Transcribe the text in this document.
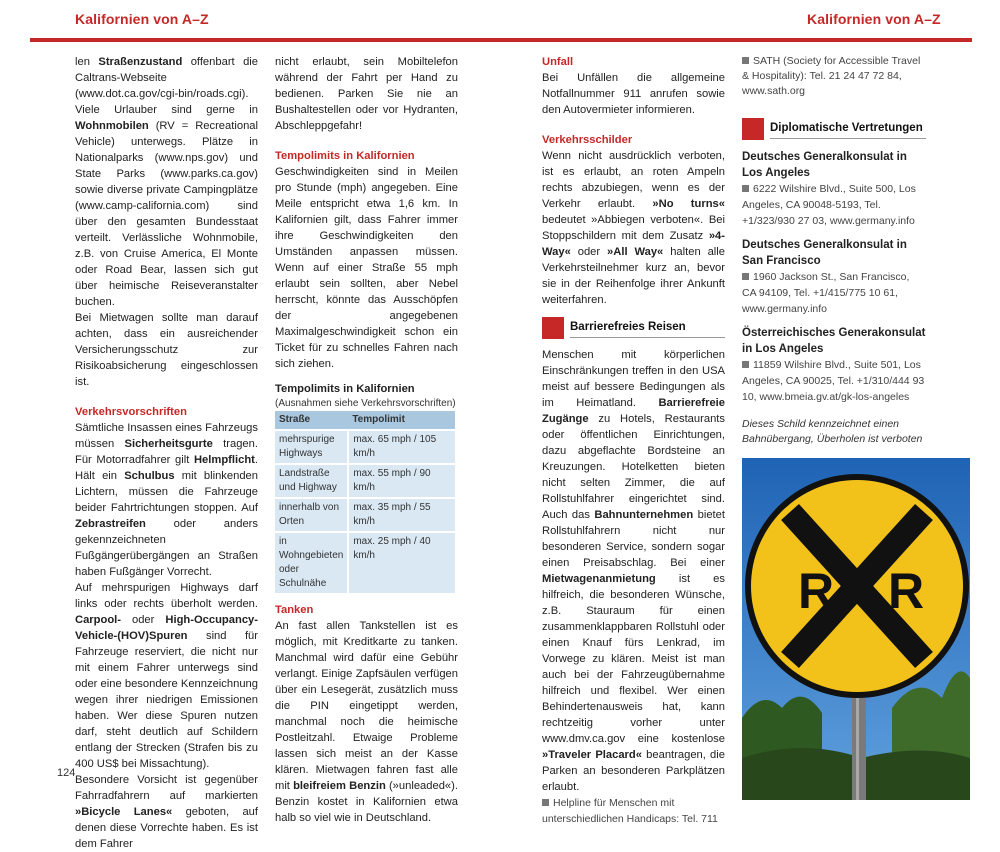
Kalifornien von A–Z	Kalifornien von A–Z

len Straßenzustand offenbart die Caltrans-Webseite (www.dot.ca.gov/cgi-bin/roads.cgi).

Viele Urlauber sind gerne in Wohnmobilen (RV = Recreational Vehicle) unterwegs. Plätze in Nationalparks (www.nps.gov) und State Parks (www.parks.ca.gov) sowie diverse private Campingplätze (www.camp-california.com) sind über den gesamten Bundesstaat verteilt. Verlässliche Wohnmobile, z.B. von Cruise America, El Monte oder Road Bear, lassen sich gut über heimische Reiseveranstalter buchen.

Bei Mietwagen sollte man darauf achten, dass ein ausreichender Versicherungsschutz zur Risikoabsicherung eingeschlossen ist.

Verkehrsvorschriften

Sämtliche Insassen eines Fahrzeugs müssen Sicherheitsgurte tragen. Für Motorradfahrer gilt Helmpflicht. Hält ein Schulbus mit blinkenden Lichtern, müssen die Fahrzeuge beider Fahrtrichtungen stoppen. Auf Zebrastreifen oder anders gekennzeichneten Fußgängerübergängen an Straßen haben Fußgänger Vorrecht.

Auf mehrspurigen Highways darf links oder rechts überholt werden. Carpool- oder High-Occupancy-Vehicle-(HOV)Spuren sind für Fahrzeuge reserviert, die nicht nur mit einem Fahrer unterwegs sind oder eine besondere Kennzeichnung wegen ihrer niedrigen Emissionen haben. Wer diese Spuren nutzen darf, steht deutlich auf Schildern entlang der Strecken (Strafen bis zu 400 US$ bei Missachtung).

Besondere Vorsicht ist gegenüber Fahrradfahrern auf markierten »Bicycle Lanes« geboten, auf denen diese Vorrechte haben. Es ist dem Fahrer

nicht erlaubt, sein Mobiltelefon während der Fahrt per Hand zu bedienen. Parken Sie nie an Bushaltestellen oder vor Hydranten, Abschleppgefahr!

Tempolimits in Kalifornien

Geschwindigkeiten sind in Meilen pro Stunde (mph) angegeben. Eine Meile entspricht etwa 1,6 km. In Kalifornien gilt, dass Fahrer immer ihre Geschwindigkeiten den Umständen anpassen müssen. Wenn auf einer Straße 55 mph erlaubt sein sollten, aber Nebel herrscht, könnte das Ausschöpfen der angegebenen Maximalgeschwindigkeit schon ein Ticket für zu schnelles Fahren nach sich ziehen.

Tempolimits in Kalifornien

(Ausnahmen siehe Verkehrsvorschriften)

Straße	Tempolimit
mehrspurige Highways	max. 65 mph / 105 km/h
Landstraße und Highway	max. 55 mph / 90 km/h
innerhalb von Orten	max. 35 mph / 55 km/h
in Wohngebieten oder Schulnähe	max. 25 mph / 40 km/h

Tanken

An fast allen Tankstellen ist es möglich, mit Kreditkarte zu tanken. Manchmal wird dafür eine Gebühr verlangt. Einige Zapfsäulen verfügen über ein Lesegerät, zusätzlich muss die PIN eingetippt werden, manchmal noch die heimische Postleitzahl. Etwaige Probleme lassen sich meist an der Kasse klären. Mietwagen fahren fast alle mit bleifreiem Benzin (»unleaded«). Benzin kostet in Kalifornien etwa halb so viel wie in Deutschland.

Unfall

Bei Unfällen die allgemeine Notfallnummer 911 anrufen sowie den Autovermieter informieren.

Verkehrsschilder

Wenn nicht ausdrücklich verboten, ist es erlaubt, an roten Ampeln rechts abzubiegen, wenn es der Verkehr erlaubt. »No turns« bedeutet »Abbiegen verboten«. Bei Stoppschildern mit dem Zusatz »4-Way« oder »All Way« halten alle Verkehrsteilnehmer kurz an, bevor sie in der Reihenfolge ihrer Ankunft weiterfahren.

Barrierefreies Reisen

Menschen mit körperlichen Einschränkungen treffen in den USA meist auf bessere Bedingungen als im Heimatland. Barrierefreie Zugänge zu Hotels, Restaurants oder öffentlichen Einrichtungen, dazu abgeflachte Bordsteine an Kreuzungen. Hotelketten bieten nicht selten Zimmer, die auf Rollstuhlfahrer eingerichtet sind. Auch das Bahnunternehmen bietet Rollstuhlfahrern nicht nur besonderen Service, sondern sogar einen Preisabschlag. Bei einer Mietwagenanmietung ist es hilfreich, die besonderen Wünsche, z.B. Stauraum für einen zusammenklappbaren Rollstuhl oder einen Knauf fürs Lenkrad, im Vorwege zu klären. Meist ist man auch bei der Fahrzeugübernahme hilfreich und flexibel. Wer einen Behindertenausweis hat, kann rechtzeitig vorher unter www.dmv.ca.gov eine kostenlose »Traveler Placard« beantragen, die Parken an besonderen Parkplätzen erlaubt.

Helpline für Menschen mit unterschiedlichen Handicaps: Tel. 711

SATH (Society for Accessible Travel & Hospitality): Tel. 21 24 47 72 84, www.sath.org

Diplomatische Vertretungen

Deutsches Generalkonsulat in Los Angeles

6222 Wilshire Blvd., Suite 500, Los Angeles, CA 90048-5193, Tel. +1/323/930 27 03, www.germany.info

Deutsches Generalkonsulat in San Francisco

1960 Jackson St., San Francisco, CA 94109, Tel. +1/415/775 10 61, www.germany.info

Österreichisches Generakonsulat in Los Angeles

11859 Wilshire Blvd., Suite 501, Los Angeles, CA 90025, Tel. +1/310/444 93 10, www.bmeia.gv.at/gk-los-angeles

Dieses Schild kennzeichnet einen Bahnübergang, Überholen ist verboten

R R
124
